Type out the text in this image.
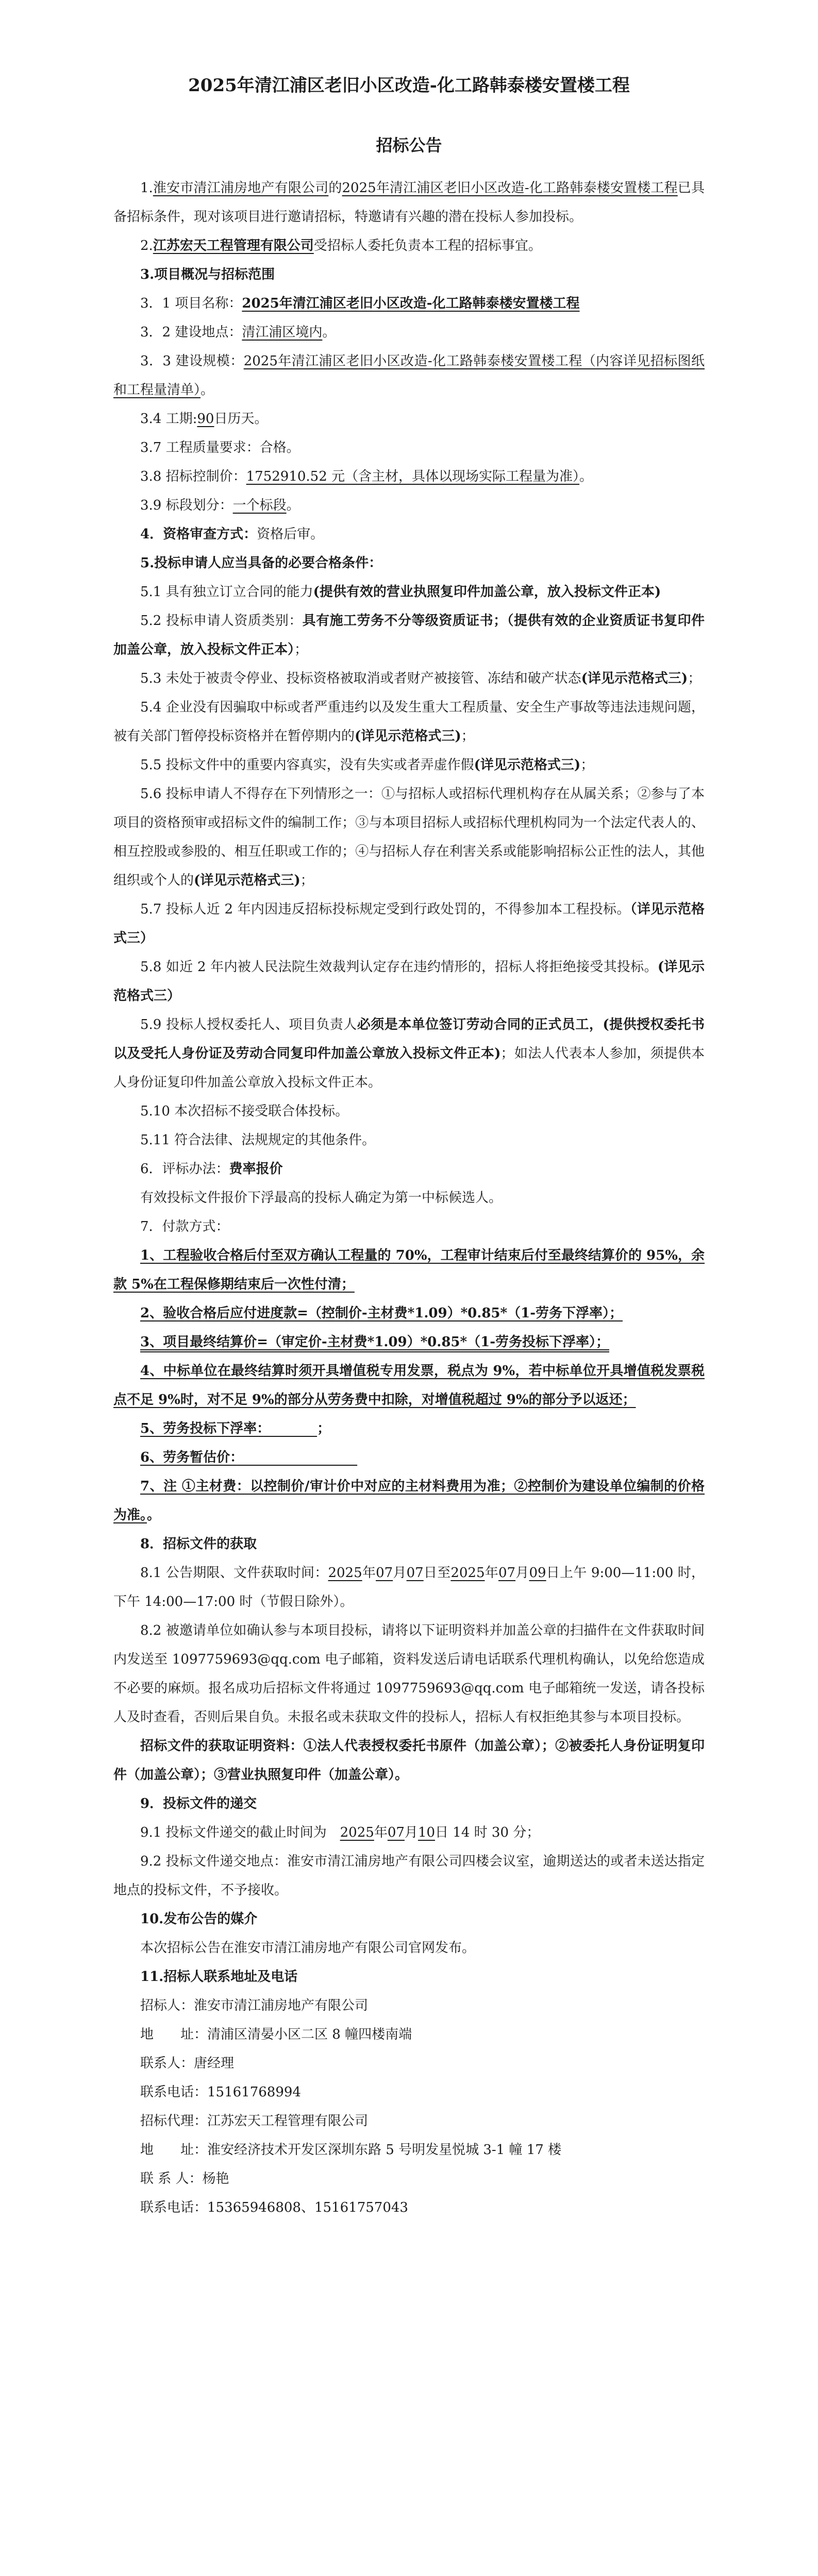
2025年清江浦区老旧小区改造-化工路韩泰楼安置楼工程
招标公告

1.淮安市清江浦房地产有限公司的2025年清江浦区老旧小区改造-化工路韩泰楼安置楼工程已具备招标条件，现对该项目进行邀请招标，特邀请有兴趣的潜在投标人参加投标。

2.江苏宏天工程管理有限公司受招标人委托负责本工程的招标事宜。

3.项目概况与招标范围

3．1 项目名称：2025年清江浦区老旧小区改造-化工路韩泰楼安置楼工程

3．2 建设地点：清江浦区境内。

3．3 建设规模：2025年清江浦区老旧小区改造-化工路韩泰楼安置楼工程（内容详见招标图纸和工程量清单）。

3.4 工期:90日历天。

3.7 工程质量要求：合格。

3.8 招标控制价：1752910.52 元（含主材，具体以现场实际工程量为准）。

3.9 标段划分：一个标段。

4．资格审查方式：资格后审。

5.投标申请人应当具备的必要合格条件：

5.1 具有独立订立合同的能力(提供有效的营业执照复印件加盖公章，放入投标文件正本)

5.2 投标申请人资质类别：具有施工劳务不分等级资质证书；（提供有效的企业资质证书复印件加盖公章，放入投标文件正本）；

5.3 未处于被责令停业、投标资格被取消或者财产被接管、冻结和破产状态(详见示范格式三)；

5.4 企业没有因骗取中标或者严重违约以及发生重大工程质量、安全生产事故等违法违规问题，被有关部门暂停投标资格并在暂停期内的(详见示范格式三)；

5.5 投标文件中的重要内容真实，没有失实或者弄虚作假(详见示范格式三)；

5.6 投标申请人不得存在下列情形之一：①与招标人或招标代理机构存在从属关系；②参与了本项目的资格预审或招标文件的编制工作；③与本项目招标人或招标代理机构同为一个法定代表人的、相互控股或参股的、相互任职或工作的；④与招标人存在利害关系或能影响招标公正性的法人，其他组织或个人的(详见示范格式三)；

5.7 投标人近 2 年内因违反招标投标规定受到行政处罚的，不得参加本工程投标。（详见示范格式三）

5.8 如近 2 年内被人民法院生效裁判认定存在违约情形的，招标人将拒绝接受其投标。(详见示范格式三）

5.9 投标人授权委托人、项目负责人必须是本单位签订劳动合同的正式员工，(提供授权委托书以及受托人身份证及劳动合同复印件加盖公章放入投标文件正本)；如法人代表本人参加，须提供本人身份证复印件加盖公章放入投标文件正本。

5.10 本次招标不接受联合体投标。

5.11 符合法律、法规规定的其他条件。

6．评标办法：费率报价

有效投标文件报价下浮最高的投标人确定为第一中标候选人。

7．付款方式：

1、工程验收合格后付至双方确认工程量的 70%，工程审计结束后付至最终结算价的 95%，余款 5%在工程保修期结束后一次性付清；

2、验收合格后应付进度款=（控制价-主材费*1.09）*0.85*（1-劳务下浮率）；

3、项目最终结算价=（审定价-主材费*1.09）*0.85*（1-劳务投标下浮率）；

4、中标单位在最终结算时须开具增值税专用发票，税点为 9%，若中标单位开具增值税发票税点不足 9%时，对不足 9%的部分从劳务费中扣除，对增值税超过 9%的部分予以返还；

5、劳务投标下浮率：　　　　	；

6、劳务暂估价：　　　　　　　　　

7、注 ①主材费：以控制价/审计价中对应的主材料费用为准；②控制价为建设单位编制的价格为准。。

8．招标文件的获取

8.1 公告期限、文件获取时间：2025年07月07日至2025年07月09日上午 9:00—11:00 时，下午 14:00—17:00 时（节假日除外）。

8.2 被邀请单位如确认参与本项目投标，请将以下证明资料并加盖公章的扫描件在文件获取时间内发送至 1097759693@qq.com 电子邮箱，资料发送后请电话联系代理机构确认，以免给您造成不必要的麻烦。报名成功后招标文件将通过 1097759693@qq.com 电子邮箱统一发送，请各投标人及时查看，否则后果自负。未报名或未获取文件的投标人，招标人有权拒绝其参与本项目投标。

招标文件的获取证明资料：①法人代表授权委托书原件（加盖公章）；②被委托人身份证明复印件（加盖公章）；③营业执照复印件（加盖公章）。

9．投标文件的递交

9.1 投标文件递交的截止时间为　 2025年07月10日 14 时 30 分；

9.2 投标文件递交地点：淮安市清江浦房地产有限公司四楼会议室，逾期送达的或者未送达指定地点的投标文件，不予接收。

10.发布公告的媒介

本次招标公告在淮安市清江浦房地产有限公司官网发布。

11.招标人联系地址及电话

招标人：淮安市清江浦房地产有限公司

地　　址：清浦区清晏小区二区 8 幢四楼南端

联系人：唐经理

联系电话：15161768994

招标代理：江苏宏天工程管理有限公司

地　　址：淮安经济技术开发区深圳东路 5 号明发星悦城 3-1 幢 17 楼

联 系 人：杨艳

联系电话：15365946808、15161757043
